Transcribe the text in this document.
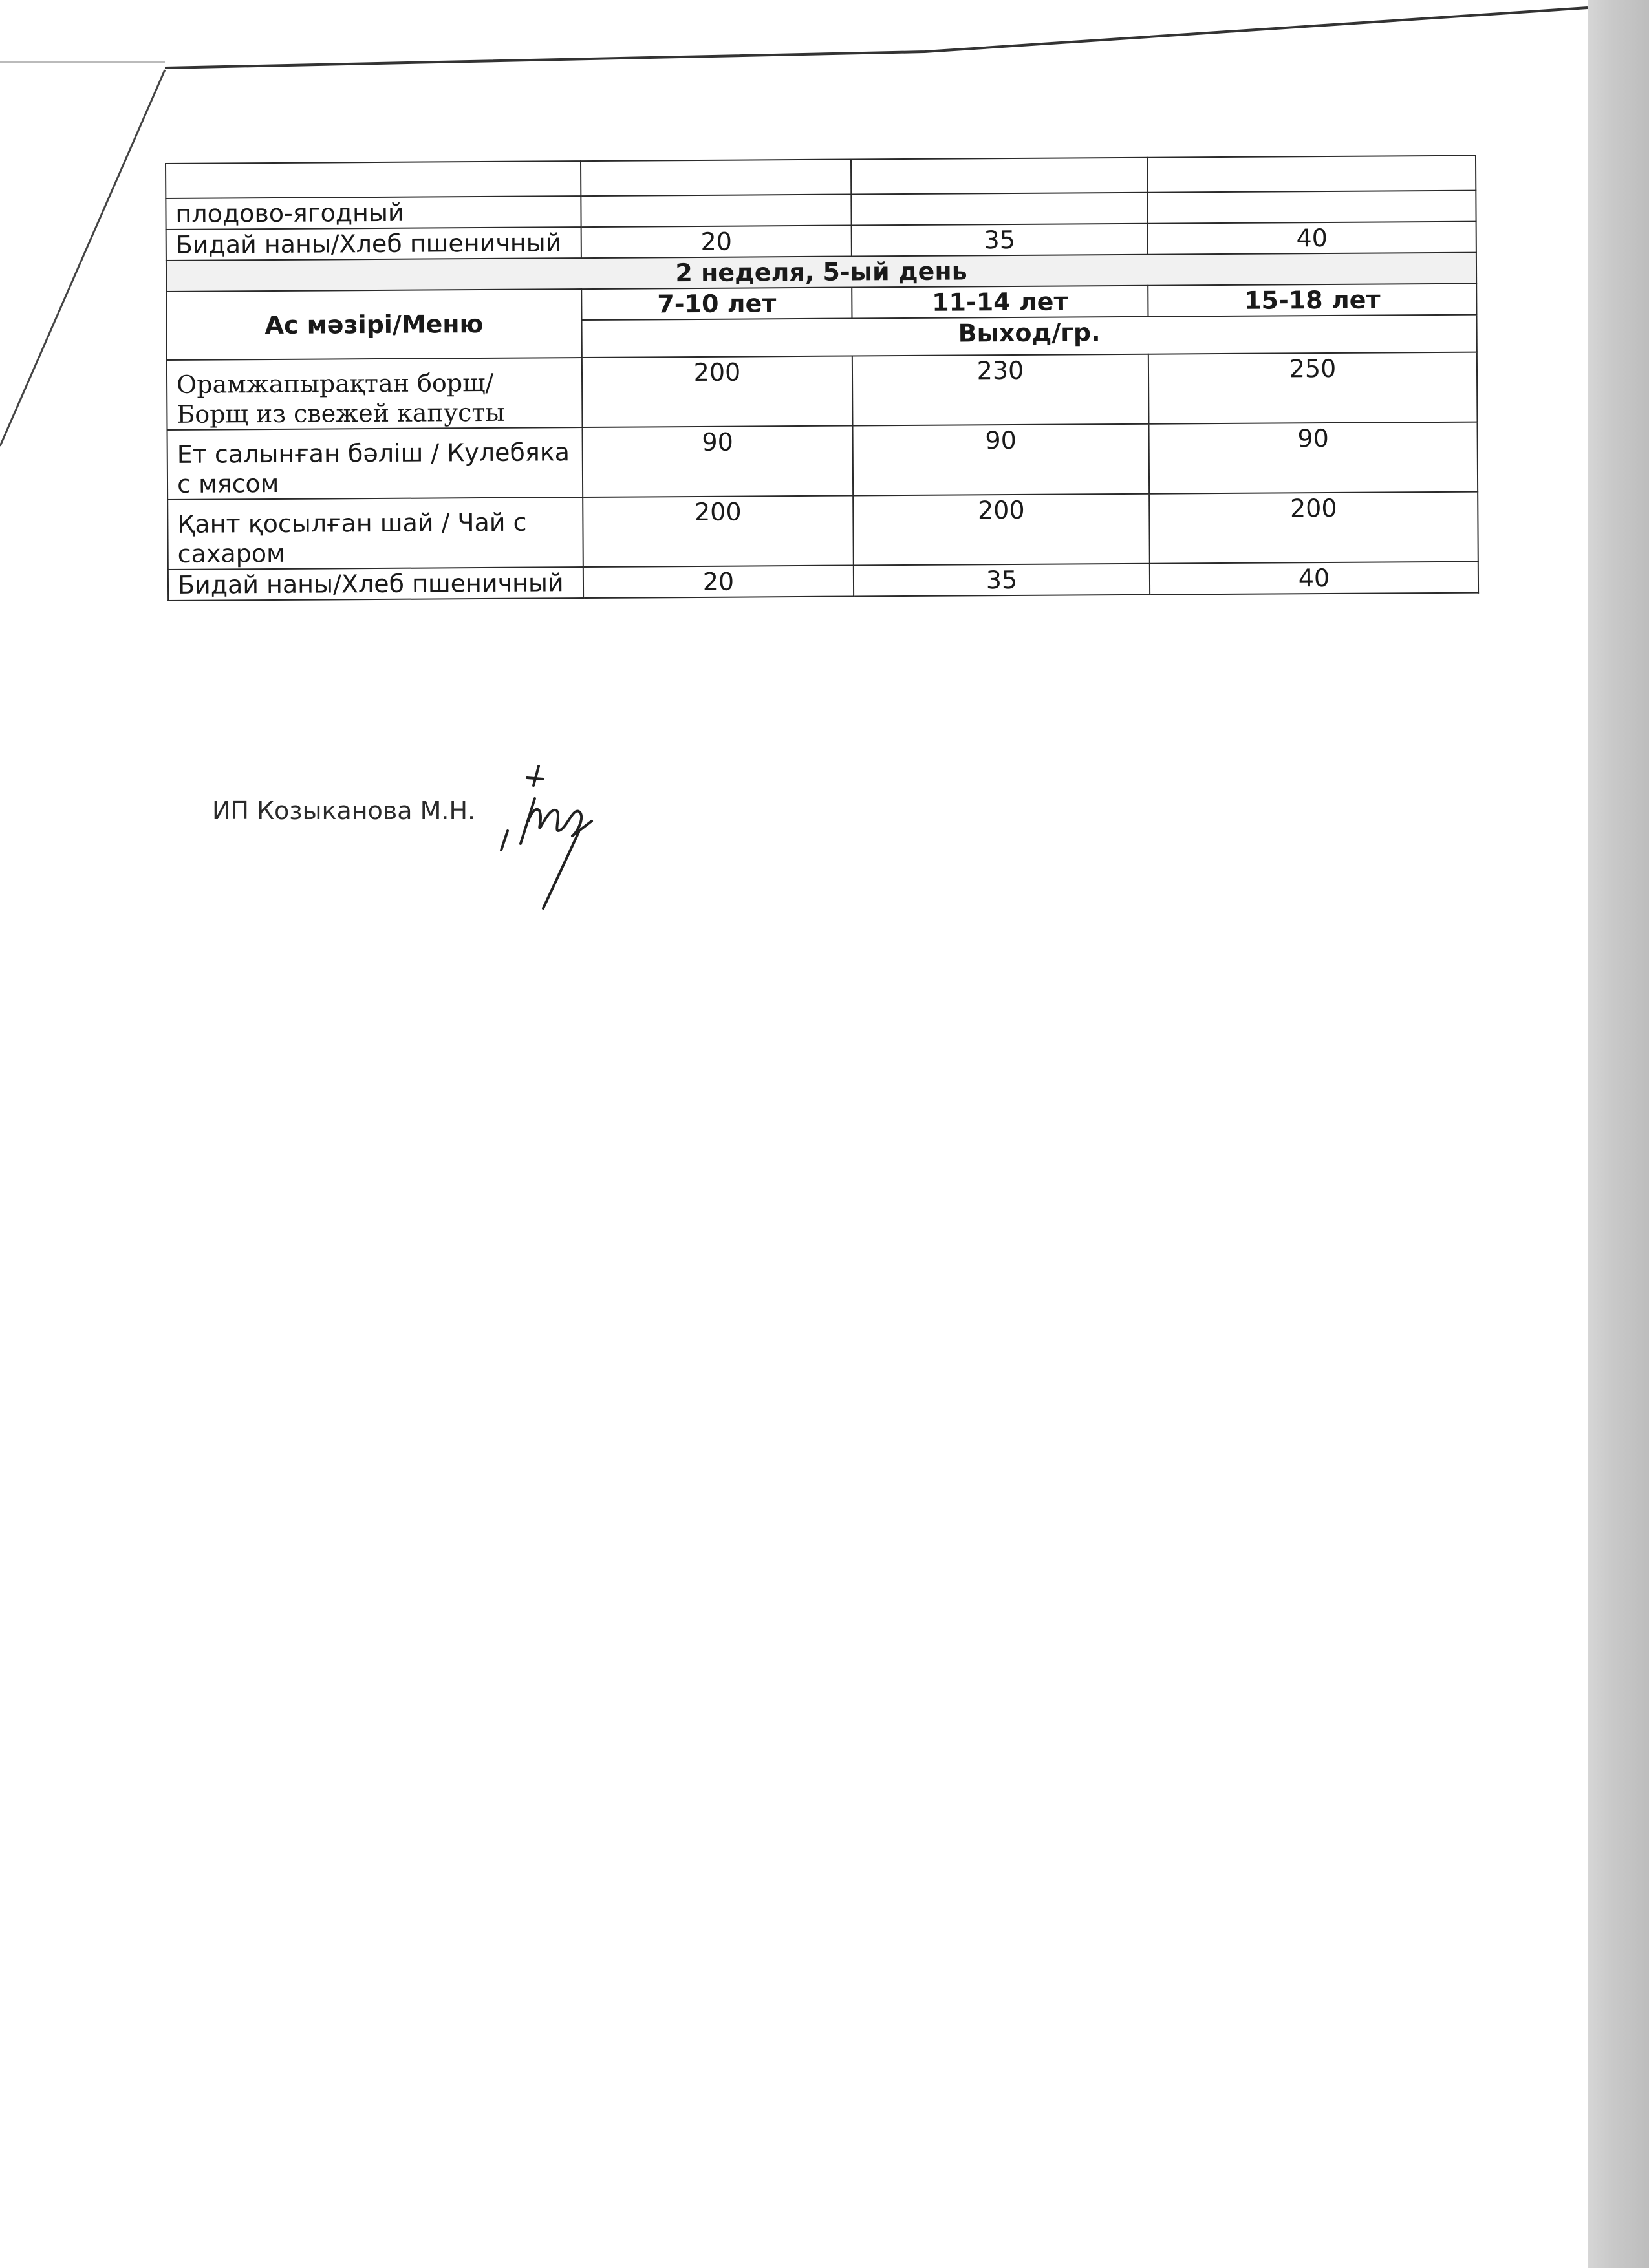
плодово-ягодный			
Бидай наны/Хлеб пшеничный	20	35	40
2 неделя, 5-ый день			
Ас мәзірі/Меню	7-10 лет	11-14 лет	15-18 лет
	Выход/гр.		
Орамжапырақтан борщ/ Борщ из свежей капусты	200	230	250
Ет салынған бәліш / Кулебяка с мясом	90	90	90
Қант қосылған шай / Чай с сахаром	200	200	200
Бидай наны/Хлеб пшеничный	20	35	40
ИП Козыканова М.Н.
